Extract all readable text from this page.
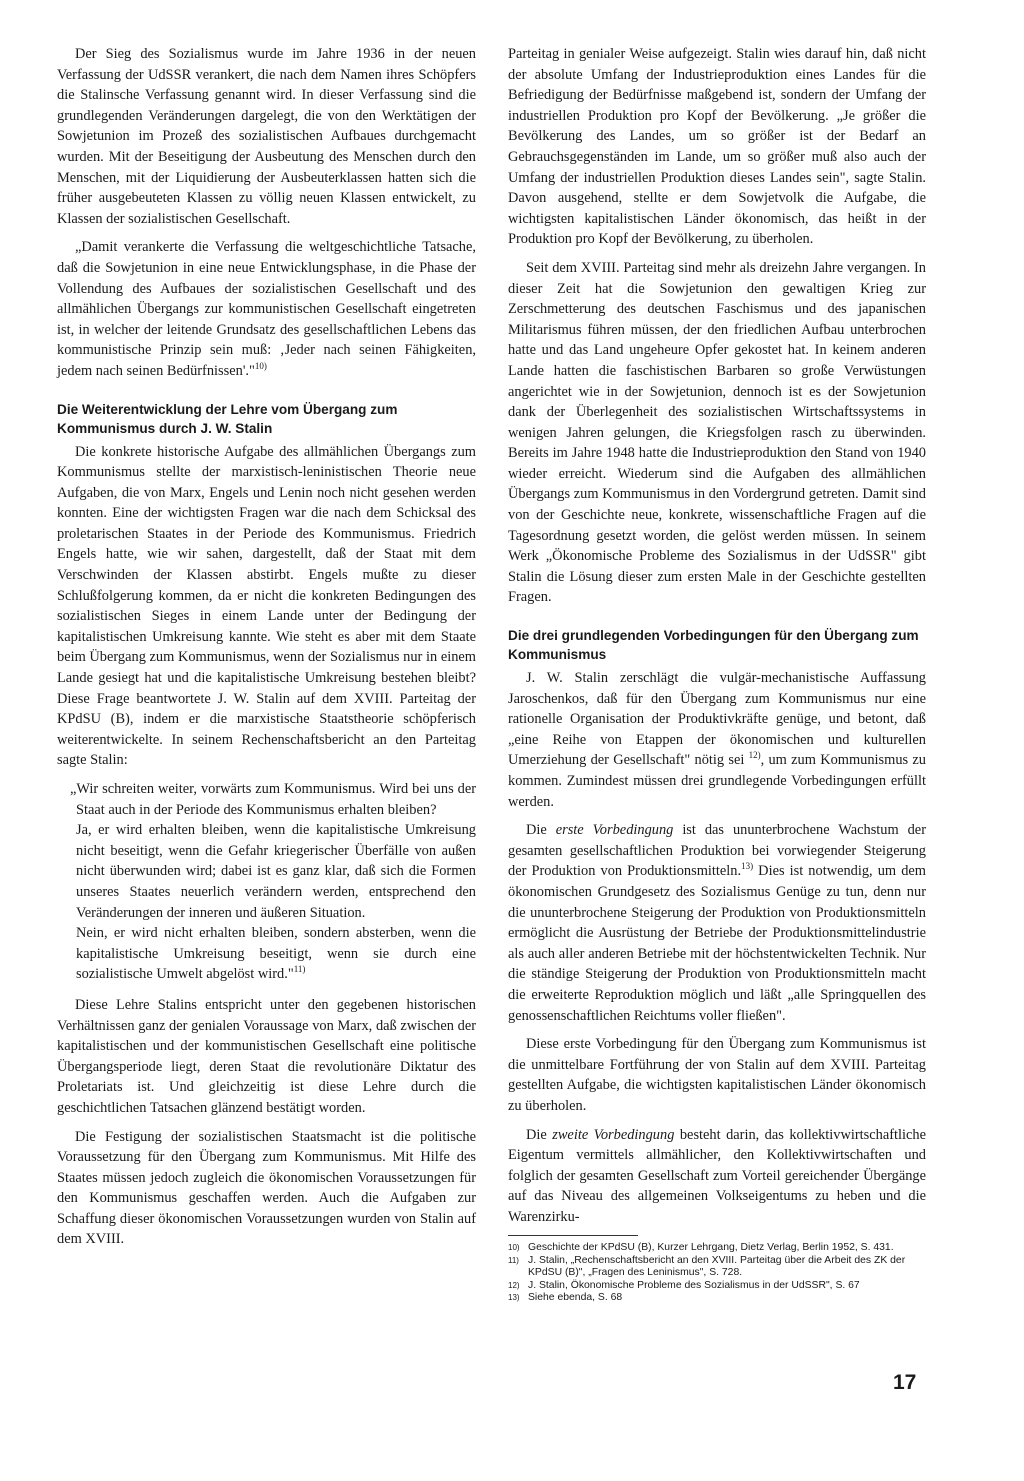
Der Sieg des Sozialismus wurde im Jahre 1936 in der neuen Verfassung der UdSSR verankert, die nach dem Namen ihres Schöpfers die Stalinsche Verfassung genannt wird. In dieser Verfassung sind die grundlegenden Veränderungen dargelegt, die von den Werktätigen der Sowjetunion im Prozeß des sozialistischen Aufbaues durchgemacht wurden. Mit der Beseitigung der Ausbeutung des Menschen durch den Menschen, mit der Liquidierung der Ausbeuterklassen hatten sich die früher ausgebeuteten Klassen zu völlig neuen Klassen entwickelt, zu Klassen der sozialistischen Gesellschaft.

„Damit verankerte die Verfassung die weltgeschichtliche Tatsache, daß die Sowjetunion in eine neue Entwicklungsphase, in die Phase der Vollendung des Aufbaues der sozialistischen Gesellschaft und des allmählichen Übergangs zur kommunistischen Gesellschaft eingetreten ist, in welcher der leitende Grundsatz des gesellschaftlichen Lebens das kommunistische Prinzip sein muß: ‚Jeder nach seinen Fähigkeiten, jedem nach seinen Bedürfnissen'."$^{10)}$

Die Weiterentwicklung der Lehre vom Übergang zum Kommunismus durch J. W. Stalin

Die konkrete historische Aufgabe des allmählichen Übergangs zum Kommunismus stellte der marxistisch-leninistischen Theorie neue Aufgaben, die von Marx, Engels und Lenin noch nicht gesehen werden konnten. Eine der wichtigsten Fragen war die nach dem Schicksal des proletarischen Staates in der Periode des Kommunismus. Friedrich Engels hatte, wie wir sahen, dargestellt, daß der Staat mit dem Verschwinden der Klassen abstirbt. Engels mußte zu dieser Schlußfolgerung kommen, da er nicht die konkreten Bedingungen des sozialistischen Sieges in einem Lande unter der Bedingung der kapitalistischen Umkreisung kannte. Wie steht es aber mit dem Staate beim Übergang zum Kommunismus, wenn der Sozialismus nur in einem Lande gesiegt hat und die kapitalistische Umkreisung bestehen bleibt? Diese Frage beantwortete J. W. Stalin auf dem XVIII. Parteitag der KPdSU (B), indem er die marxistische Staatstheorie schöpferisch weiterentwickelte. In seinem Rechenschaftsbericht an den Parteitag sagte Stalin:

„Wir schreiten weiter, vorwärts zum Kommunismus. Wird bei uns der Staat auch in der Periode des Kommunismus erhalten bleiben?

Ja, er wird erhalten bleiben, wenn die kapitalistische Umkreisung nicht beseitigt, wenn die Gefahr kriegerischer Überfälle von außen nicht überwunden wird; dabei ist es ganz klar, daß sich die Formen unseres Staates neuerlich verändern werden, entsprechend den Veränderungen der inneren und äußeren Situation.

Nein, er wird nicht erhalten bleiben, sondern absterben, wenn die kapitalistische Umkreisung beseitigt, wenn sie durch eine sozialistische Umwelt abgelöst wird."$^{11)}$

Diese Lehre Stalins entspricht unter den gegebenen historischen Verhältnissen ganz der genialen Voraussage von Marx, daß zwischen der kapitalistischen und der kommunistischen Gesellschaft eine politische Übergangsperiode liegt, deren Staat die revolutionäre Diktatur des Proletariats ist. Und gleichzeitig ist diese Lehre durch die geschichtlichen Tatsachen glänzend bestätigt worden.

Die Festigung der sozialistischen Staatsmacht ist die politische Voraussetzung für den Übergang zum Kommunismus. Mit Hilfe des Staates müssen jedoch zugleich die ökonomischen Voraussetzungen für den Kommunismus geschaffen werden. Auch die Aufgaben zur Schaffung dieser ökonomischen Voraussetzungen wurden von Stalin auf dem XVIII.

Parteitag in genialer Weise aufgezeigt. Stalin wies darauf hin, daß nicht der absolute Umfang der Industrieproduktion eines Landes für die Befriedigung der Bedürfnisse maßgebend ist, sondern der Umfang der industriellen Produktion pro Kopf der Bevölkerung. „Je größer die Bevölkerung des Landes, um so größer ist der Bedarf an Gebrauchsgegenständen im Lande, um so größer muß also auch der Umfang der industriellen Produktion dieses Landes sein", sagte Stalin. Davon ausgehend, stellte er dem Sowjetvolk die Aufgabe, die wichtigsten kapitalistischen Länder ökonomisch, das heißt in der Produktion pro Kopf der Bevölkerung, zu überholen.

Seit dem XVIII. Parteitag sind mehr als dreizehn Jahre vergangen. In dieser Zeit hat die Sowjetunion den gewaltigen Krieg zur Zerschmetterung des deutschen Faschismus und des japanischen Militarismus führen müssen, der den friedlichen Aufbau unterbrochen hatte und das Land ungeheure Opfer gekostet hat. In keinem anderen Lande hatten die faschistischen Barbaren so große Verwüstungen angerichtet wie in der Sowjetunion, dennoch ist es der Sowjetunion dank der Überlegenheit des sozialistischen Wirtschaftssystems in wenigen Jahren gelungen, die Kriegsfolgen rasch zu überwinden. Bereits im Jahre 1948 hatte die Industrieproduktion den Stand von 1940 wieder erreicht. Wiederum sind die Aufgaben des allmählichen Übergangs zum Kommunismus in den Vordergrund getreten. Damit sind von der Geschichte neue, konkrete, wissenschaftliche Fragen auf die Tagesordnung gesetzt worden, die gelöst werden müssen. In seinem Werk „Ökonomische Probleme des Sozialismus in der UdSSR" gibt Stalin die Lösung dieser zum ersten Male in der Geschichte gestellten Fragen.

Die drei grundlegenden Vorbedingungen für den Übergang zum Kommunismus

J. W. Stalin zerschlägt die vulgär-mechanistische Auffassung Jaroschenkos, daß für den Übergang zum Kommunismus nur eine rationelle Organisation der Produktivkräfte genüge, und betont, daß „eine Reihe von Etappen der ökonomischen und kulturellen Umerziehung der Gesellschaft" nötig sei $^{12)}$, um zum Kommunismus zu kommen. Zumindest müssen drei grundlegende Vorbedingungen erfüllt werden.

Die erste Vorbedingung ist das ununterbrochene Wachstum der gesamten gesellschaftlichen Produktion bei vorwiegender Steigerung der Produktion von Produktionsmitteln.$^{13)}$ Dies ist notwendig, um dem ökonomischen Grundgesetz des Sozialismus Genüge zu tun, denn nur die ununterbrochene Steigerung der Produktion von Produktionsmitteln ermöglicht die Ausrüstung der Betriebe der Produktionsmittelindustrie als auch aller anderen Betriebe mit der höchstentwickelten Technik. Nur die ständige Steigerung der Produktion von Produktionsmitteln macht die erweiterte Reproduktion möglich und läßt „alle Springquellen des genossenschaftlichen Reichtums voller fließen".

Diese erste Vorbedingung für den Übergang zum Kommunismus ist die unmittelbare Fortführung der von Stalin auf dem XVIII. Parteitag gestellten Aufgabe, die wichtigsten kapitalistischen Länder ökonomisch zu überholen.

Die zweite Vorbedingung besteht darin, das kollektivwirtschaftliche Eigentum vermittels allmählicher, den Kollektivwirtschaften und folglich der gesamten Gesellschaft zum Vorteil gereichender Übergänge auf das Niveau des allgemeinen Volkseigentums zu heben und die Warenzirku-

10) Geschichte der KPdSU (B), Kurzer Lehrgang, Dietz Verlag, Berlin 1952, S. 431.
11) J. Stalin, „Rechenschaftsbericht an den XVIII. Parteitag über die Arbeit des ZK der KPdSU (B)", „Fragen des Leninismus", S. 728.
12) J. Stalin, Ökonomische Probleme des Sozialismus in der UdSSR", S. 67
13) Siehe ebenda, S. 68
17
